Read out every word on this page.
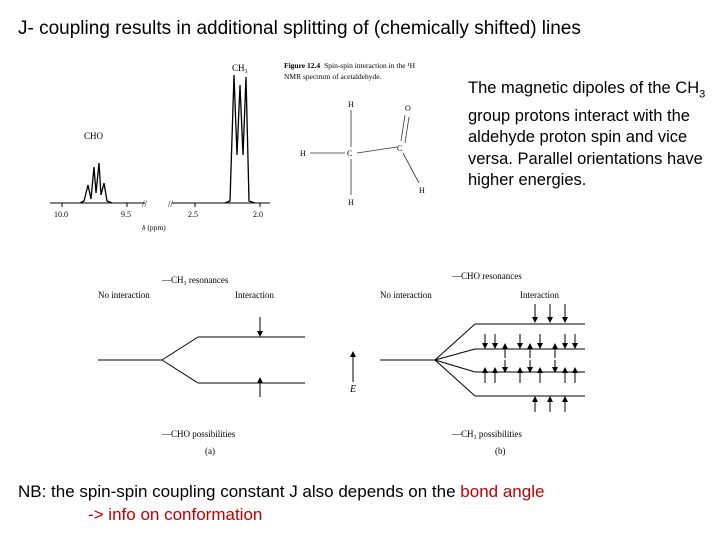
J- coupling results in additional splitting of (chemically shifted) lines
The magnetic dipoles of the $CH_3$ group protons interact with the aldehyde proton spin and vice versa. Parallel orientations have higher energies.
CHO
CH₃
10.0	9.5	2.5	2.0
// //
δ (ppm)
Figure 12.4 Spin-spin interaction in the ¹H
NMR spectrum of acetaldehyde.
H
H
H
C
C
O
H
—CH₃ resonances
No interaction	Interaction
—CHO possibilities
(a)
E
—CHO resonances
No interaction	Interaction
—CH₃ possibilities
(b)
NB: the spin-spin coupling constant J also depends on the bond angle
-> info on conformation
